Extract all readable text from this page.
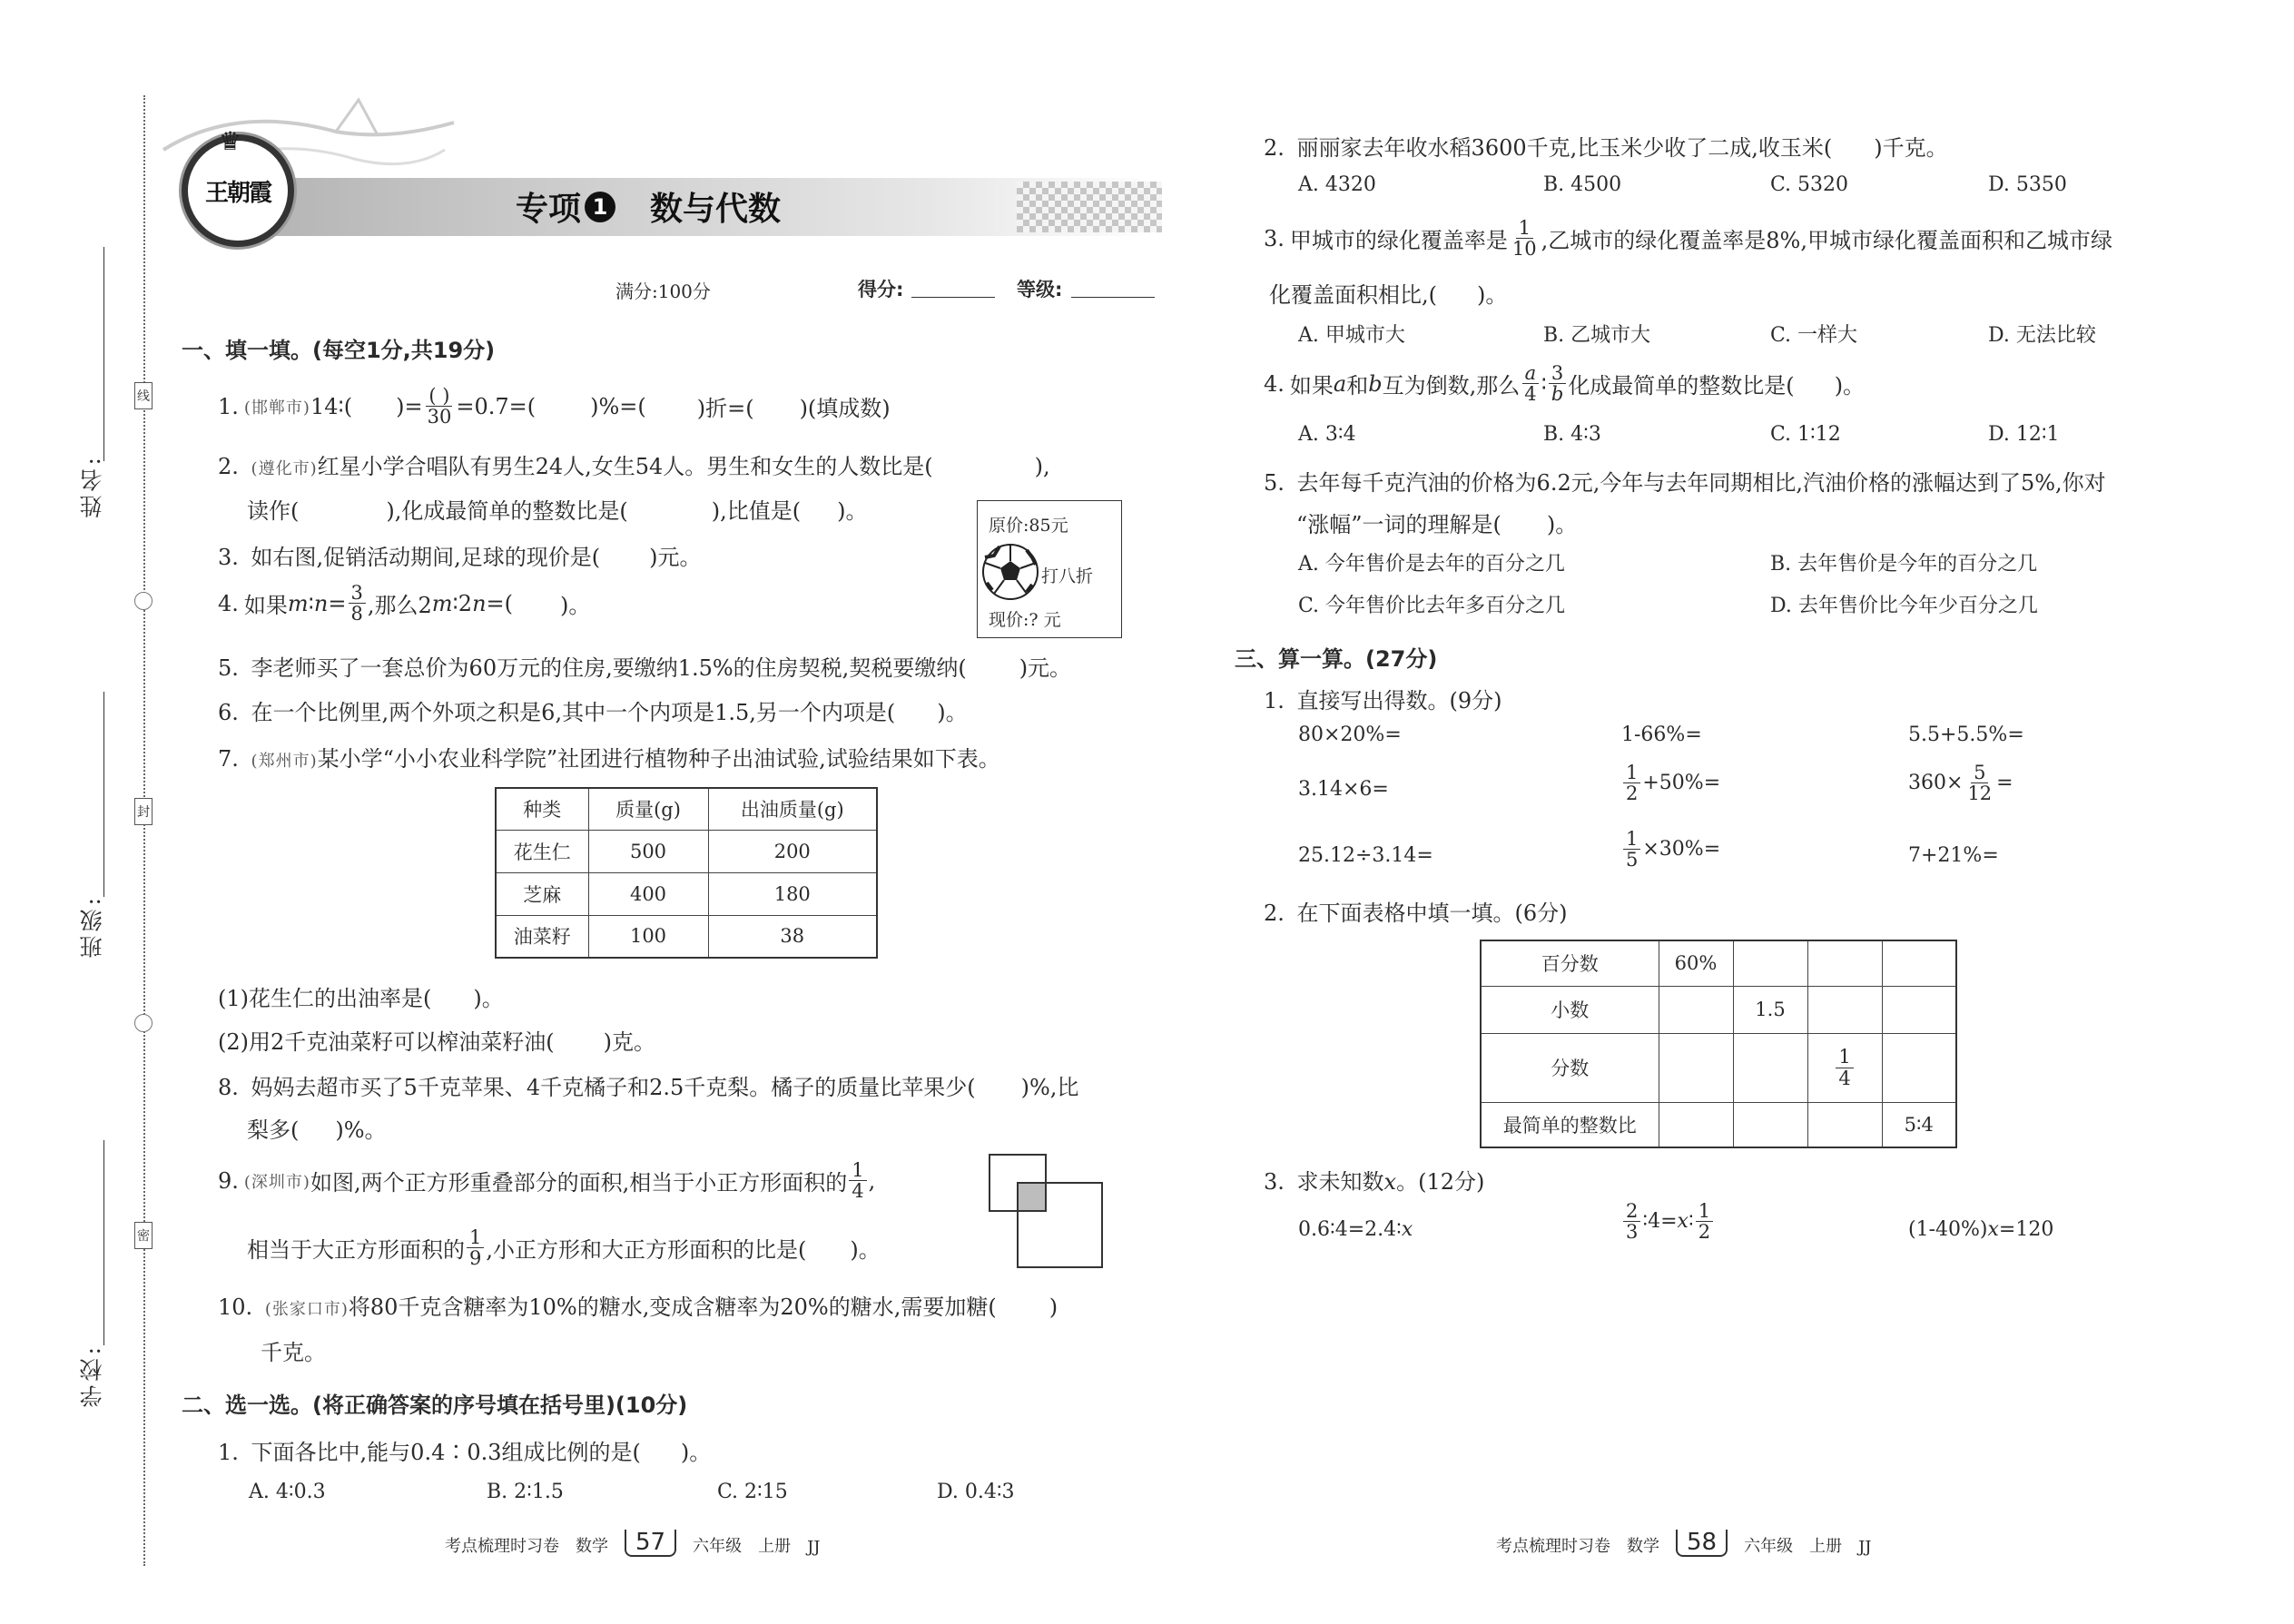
线
封
密
姓名:
班级:
学校:
♛
王朝霞	专项 1 数与代数
满分:100分	得分:	等级:
一、填一填。(每空1分,共19分)
1. (邯郸市) 14∶( )= $\frac{( )}{30} =0.7=$(	)%=( )折=( )(填成数)
2. (遵化市)红星小学合唱队有男生24人,女生54人。男生和女生的人数比是(	),
读作(	),化成最简单的整数比是(	),比值是( )。
3. 如右图,促销活动期间,足球的现价是( )元。
原价:85元
打八折
现价:? 元
4. 如果 m ∶ $n = \frac{3}{8}$ ,那么2 m ∶2 n =( )。
5. 李老师买了一套总价为60万元的住房,要缴纳1.5%的住房契税,契税要缴纳( )元。
6. 在一个比例里,两个外项之积是6,其中一个内项是1.5,另一个内项是( )。
7. (郑州市)某小学“小小农业科学院”社团进行植物种子出油试验,试验结果如下表。
种类	质量(g)	出油质量(g)
花生仁	500	200
芝麻	400	180
油菜籽	100	38
(1)花生仁的出油率是( )。
(2)用2千克油菜籽可以榨油菜籽油( )克。
8. 妈妈去超市买了5千克苹果、4千克橘子和2.5千克梨。橘子的质量比苹果少( )%,比
梨多( )%。
9. (深圳市) 如图,两个正方形重叠部分的面积,相当于小正方形面积的 $\frac{1}{4}$ ,
相当于大正方形面积的 $\frac{1}{9}$ ,小正方形和大正方形面积的比是( )。
10. (张家口市)将80千克含糖率为10%的糖水,变成含糖率为20%的糖水,需要加糖( )
千克。
二、选一选。(将正确答案的序号填在括号里)(10分)
1. 下面各比中,能与0.4∶0.3组成比例的是( )。
A. 4∶0.3	B. 2∶1.5	C. 2∶15	D. 0.4∶3
2. 丽丽家去年收水稻3600千克,比玉米少收了二成,收玉米( )千克。
A. 4320	B. 4500	C. 5320	D. 5350
3. 甲城市的绿化覆盖率是 $\frac{1}{10}$ ,乙城市的绿化覆盖率是8%,甲城市绿化覆盖面积和乙城市绿
化覆盖面积相比,( )。
A. 甲城市大	B. 乙城市大	C. 一样大	D. 无法比较
4. 如果 a 和 b 互为倒数,那么 $\frac{a}{4}$ ∶ $\frac{3}{b}$ 化成最简单的整数比是( )。
A. 3∶4	B. 4∶3	C. 1∶12	D. 12∶1
5. 去年每千克汽油的价格为6.2元,今年与去年同期相比,汽油价格的涨幅达到了5%,你对
“涨幅”一词的理解是( )。
A. 今年售价是去年的百分之几	B. 去年售价是今年的百分之几
C. 今年售价比去年多百分之几	D. 去年售价比今年少百分之几
三、算一算。(27分)
1. 直接写出得数。(9分)
80×20%=	1-66%=	5.5+5.5%=
3.14×6=	$\frac{1}{2} +50\%=$	$360\times \frac{5}{12}$ =
25.12÷3.14=	$\frac{1}{5} \times 30\%=$	7+21%=
2. 在下面表格中填一填。(6分)
百分数	60%			
小数		1.5		
分数			$\frac{1}{4}$

最简单的整数比				5∶4
3. 求未知数x。(12分)
0.6∶4=2.4∶x	$\frac{2}{3}$ ∶4= x ∶ $\frac{1}{2}$	(1-40%)x=120
考点梳理时习卷 数学	57	六年级 上册 JJ	考点梳理时习卷 数学	58	六年级 上册 JJ
